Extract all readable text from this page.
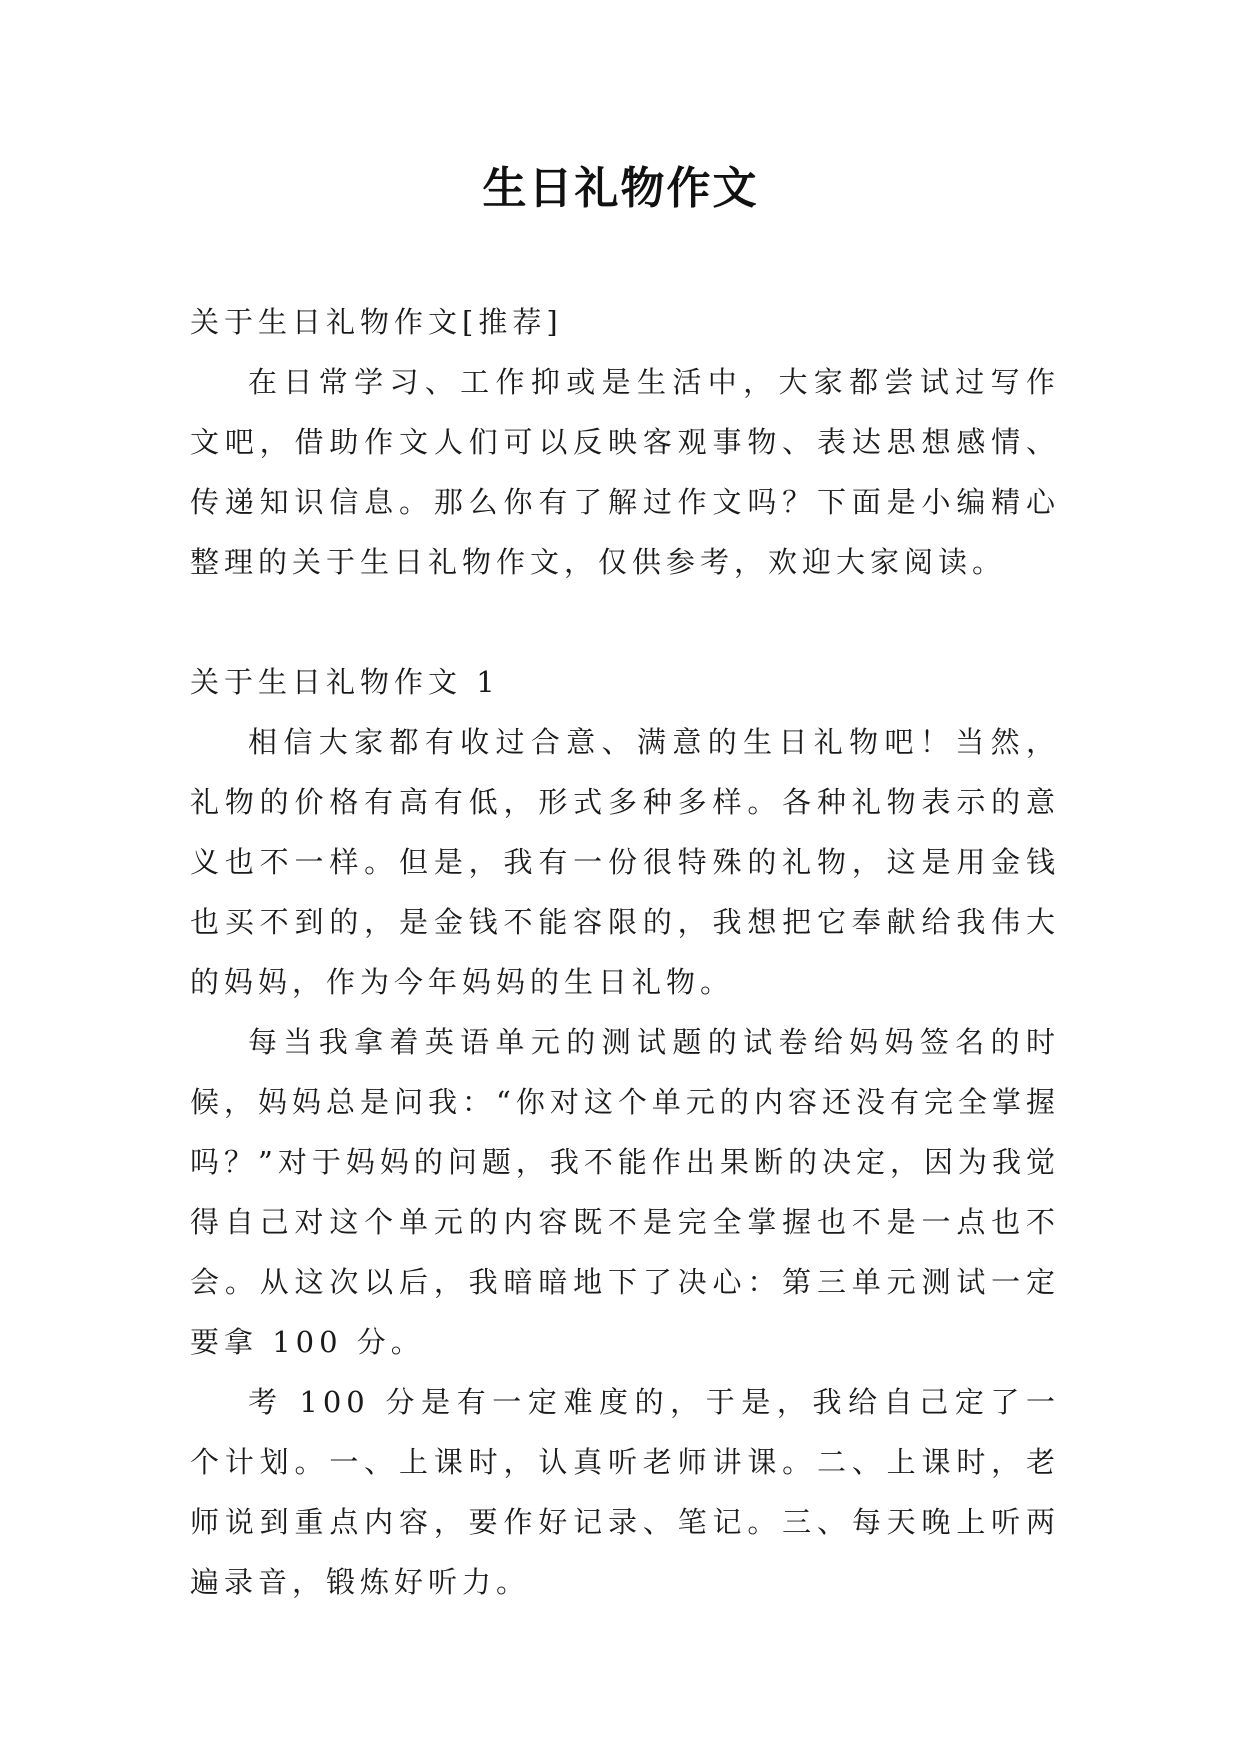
生日礼物作文

关于生日礼物作文[推荐]

在日常学习、工作抑或是生活中，大家都尝试过写作文吧，借助作文人们可以反映客观事物、表达思想感情、传递知识信息。那么你有了解过作文吗？下面是小编精心整理的关于生日礼物作文，仅供参考，欢迎大家阅读。

关于生日礼物作文 1

相信大家都有收过合意、满意的生日礼物吧！当然，礼物的价格有高有低，形式多种多样。各种礼物表示的意义也不一样。但是，我有一份很特殊的礼物，这是用金钱也买不到的，是金钱不能容限的，我想把它奉献给我伟大的妈妈，作为今年妈妈的生日礼物。

每当我拿着英语单元的测试题的试卷给妈妈签名的时候，妈妈总是问我：“你对这个单元的内容还没有完全掌握吗？”对于妈妈的问题，我不能作出果断的决定，因为我觉得自己对这个单元的内容既不是完全掌握也不是一点也不会。从这次以后，我暗暗地下了决心：第三单元测试一定要拿 100 分。

考 100 分是有一定难度的，于是，我给自己定了一个计划。一、上课时，认真听老师讲课。二、上课时，老师说到重点内容，要作好记录、笔记。三、每天晚上听两遍录音，锻炼好听力。
